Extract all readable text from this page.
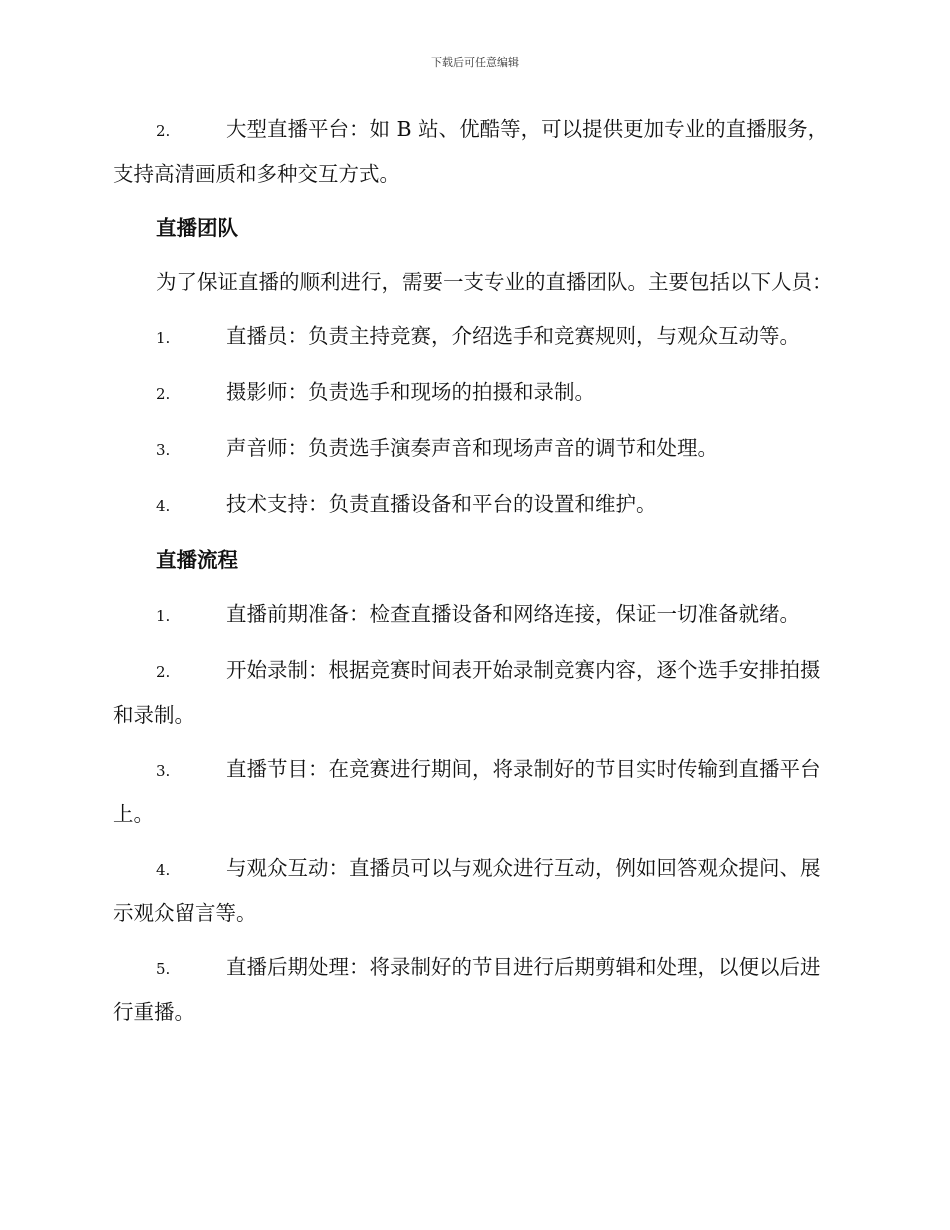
下载后可任意编辑

2.	大型直播平台：如 B 站、优酷等，可以提供更加专业的直播服务，支持高清画质和多种交互方式。

直播团队

为了保证直播的顺利进行，需要一支专业的直播团队。主要包括以下人员：

1.	直播员：负责主持竞赛，介绍选手和竞赛规则，与观众互动等。

2.	摄影师：负责选手和现场的拍摄和录制。

3.	声音师：负责选手演奏声音和现场声音的调节和处理。

4.	技术支持：负责直播设备和平台的设置和维护。

直播流程

1.	直播前期准备：检查直播设备和网络连接，保证一切准备就绪。

2.	开始录制：根据竞赛时间表开始录制竞赛内容，逐个选手安排拍摄和录制。

3.	直播节目：在竞赛进行期间，将录制好的节目实时传输到直播平台上。

4.	与观众互动：直播员可以与观众进行互动，例如回答观众提问、展示观众留言等。

5.	直播后期处理：将录制好的节目进行后期剪辑和处理，以便以后进行重播。
